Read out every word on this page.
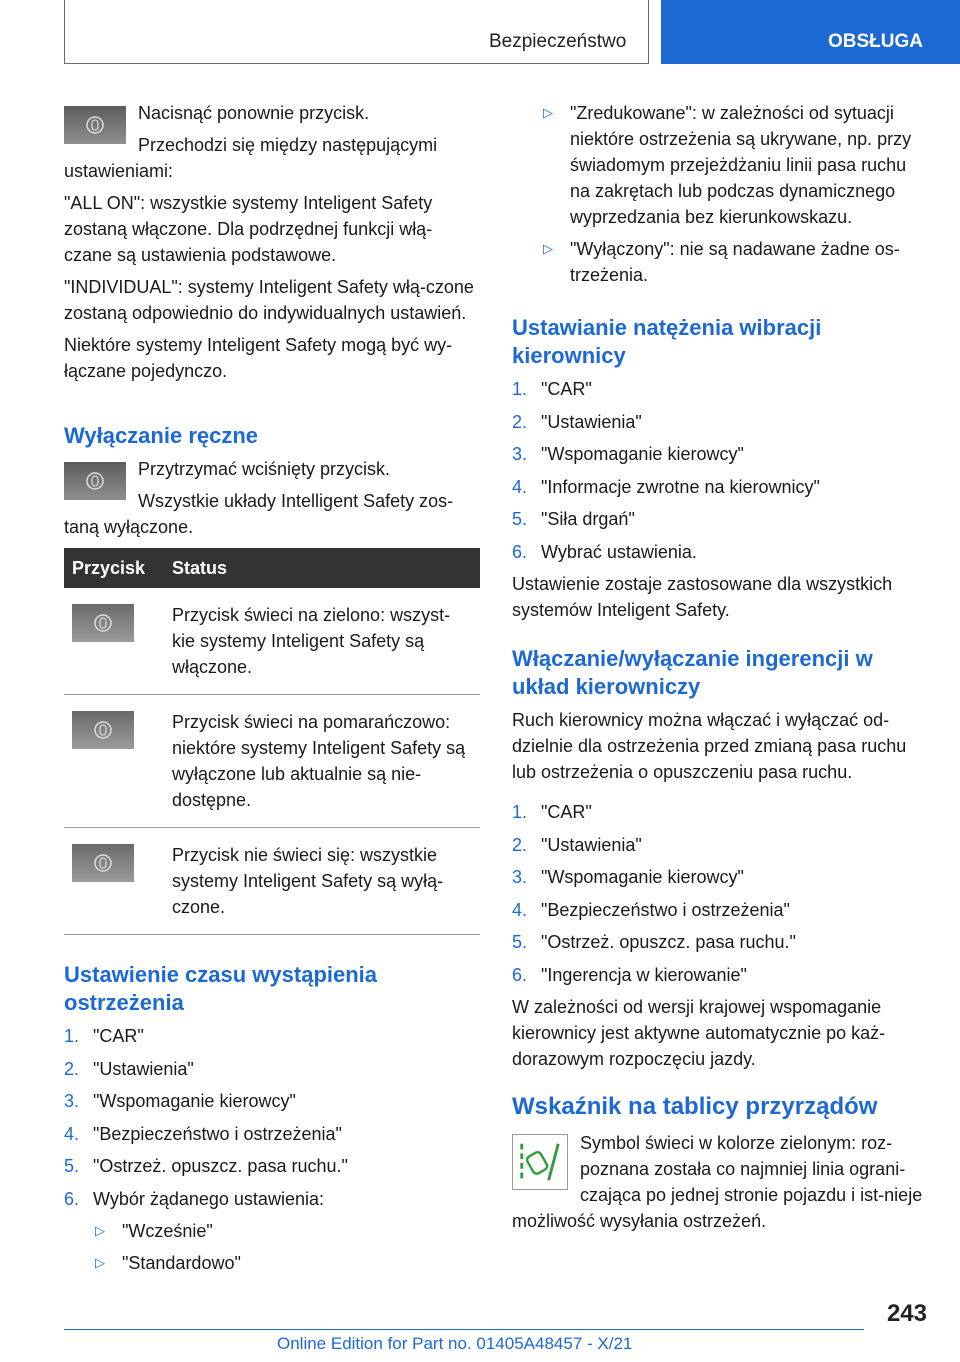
Bezpieczeństwo	OBSŁUGA

Nacisnąć ponownie przycisk.

Przechodzi się między następującymi ustawieniami:

"ALL ON": wszystkie systemy Inteligent Safety zostaną włączone. Dla podrzędnej funkcji włą-czane są ustawienia podstawowe.

"INDIVIDUAL": systemy Inteligent Safety włą-czone zostaną odpowiednio do indywidualnych ustawień.

Niektóre systemy Inteligent Safety mogą być wy-łączane pojedynczo.

Wyłączanie ręczne

Przytrzymać wciśnięty przycisk.

Wszystkie układy Intelligent Safety zos-taną wyłączone.

Przycisk	Status

	Przycisk świeci na zielono: wszyst-kie systemy Inteligent Safety są włączone.

	Przycisk świeci na pomarańczowo: niektóre systemy Inteligent Safety są wyłączone lub aktualnie są nie-dostępne.

	Przycisk nie świeci się: wszystkie systemy Inteligent Safety są wyłą-czone.
Ustawienie czasu wystąpienia ostrzeżenia
1. "CAR"
2. "Ustawienia"
3. "Wspomaganie kierowcy"
4. "Bezpieczeństwo i ostrzeżenia"
5. "Ostrzeż. opuszcz. pasa ruchu."
6. Wybór żądanego ustawienia:
▷ "Wcześnie"
▷ "Standardowo"
▷ "Zredukowane": w zależności od sytuacji niektóre ostrzeżenia są ukrywane, np. przy świadomym przejeżdżaniu linii pasa ruchu na zakrętach lub podczas dynamicznego wyprzedzania bez kierunkowskazu.
▷ "Wyłączony": nie są nadawane żadne os-trzeżenia.
Ustawianie natężenia wibracji kierownicy
1. "CAR"
2. "Ustawienia"
3. "Wspomaganie kierowcy"
4. "Informacje zwrotne na kierownicy"
5. "Siła drgań"
6. Wybrać ustawienia.

Ustawienie zostaje zastosowane dla wszystkich systemów Inteligent Safety.

Włączanie/wyłączanie ingerencji w układ kierowniczy

Ruch kierownicy można włączać i wyłączać od-dzielnie dla ostrzeżenia przed zmianą pasa ruchu lub ostrzeżenia o opuszczeniu pasa ruchu.

1. "CAR"
2. "Ustawienia"
3. "Wspomaganie kierowcy"
4. "Bezpieczeństwo i ostrzeżenia"
5. "Ostrzeż. opuszcz. pasa ruchu."
6. "Ingerencja w kierowanie"

W zależności od wersji krajowej wspomaganie kierownicy jest aktywne automatycznie po każ-dorazowym rozpoczęciu jazdy.

Wskaźnik na tablicy przyrządów

Symbol świeci w kolorze zielonym: roz-poznana została co najmniej linia ograni-czająca po jednej stronie pojazdu i ist-nieje możliwość wysyłania ostrzeżeń.

243
Online Edition for Part no. 01405A48457 - X/21
